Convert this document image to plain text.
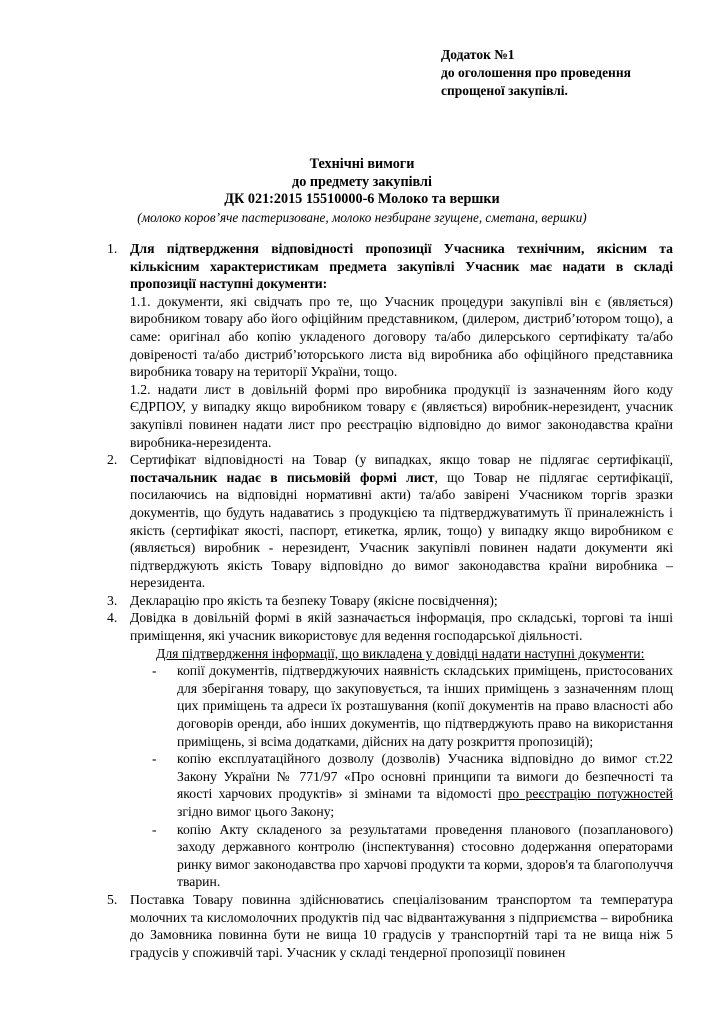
Додаток №1
до оголошення про проведення
спрощеної закупівлі.
Технічні вимоги
до предмету закупівлі
ДК 021:2015 15510000-6 Молоко та вершки
(молоко коров’яче пастеризоване, молоко незбиране згущене, сметана, вершки)
1. Для підтвердження відповідності пропозиції Учасника технічним, якісним та кількісним характеристикам предмета закупівлі Учасник має надати в складі пропозиції наступні документи:
1.1. документи, які свідчать про те, що Учасник процедури закупівлі він є (являється) виробником товару або його офіційним представником, (дилером, дистриб’ютором тощо), а саме: оригінал або копію укладеного договору та/або дилерського сертифікату та/або довіреності та/або дистриб’юторського листа від виробника або офіційного представника виробника товару на території України, тощо.
1.2. надати лист в довільній формі про виробника продукції із зазначенням його коду ЄДРПОУ, у випадку якщо виробником товару є (являється) виробник-нерезидент, учасник закупівлі повинен надати лист про реєстрацію відповідно до вимог законодавства країни виробника-нерезидента.
2. Сертифікат відповідності на Товар (у випадках, якщо товар не підлягає сертифікації, постачальник надає в письмовій формі лист, що Товар не підлягає сертифікації, посилаючись на відповідні нормативні акти) та/або завірені Учасником торгів зразки документів, що будуть надаватись з продукцією та підтверджуватимуть її приналежність і якість (сертифікат якості, паспорт, етикетка, ярлик, тощо) у випадку якщо виробником є (являється) виробник - нерезидент, Учасник закупівлі повинен надати документи які підтверджують якість Товару відповідно до вимог законодавства країни виробника – нерезидента.
3. Декларацію про якість та безпеку Товару (якісне посвідчення);
4. Довідка в довільній формі в якій зазначається інформація, про складські, торгові та інші приміщення, які учасник використовує для ведення господарської діяльності.
Для підтвердження інформації, що викладена у довідці надати наступні документи:
- копії документів, підтверджуючих наявність складських приміщень, пристосованих для зберігання товару, що закуповується, та інших приміщень з зазначенням площ цих приміщень та адреси їх розташування (копії документів на право власності або договорів оренди, або інших документів, що підтверджують право на використання приміщень, зі всіма додатками, дійсних на дату розкриття пропозицій);
- копію експлуатаційного дозволу (дозволів) Учасника відповідно до вимог ст.22 Закону України № 771/97 «Про основні принципи та вимоги до безпечності та якості харчових продуктів» зі змінами та відомості про реєстрацію потужностей згідно вимог цього Закону;
- копію Акту складеного за результатами проведення планового (позапланового) заходу державного контролю (інспектування) стосовно додержання операторами ринку вимог законодавства про харчові продукти та корми, здоров'я та благополуччя тварин.
5. Поставка Товару повинна здійснюватись спеціалізованим транспортом та температура молочних та кисломолочних продуктів під час відвантажування з підприємства – виробника до Замовника повинна бути не вища 10 градусів у транспортній тарі та не вища ніж 5 градусів у споживчій тарі. Учасник у складі тендерної пропозиції повинен
